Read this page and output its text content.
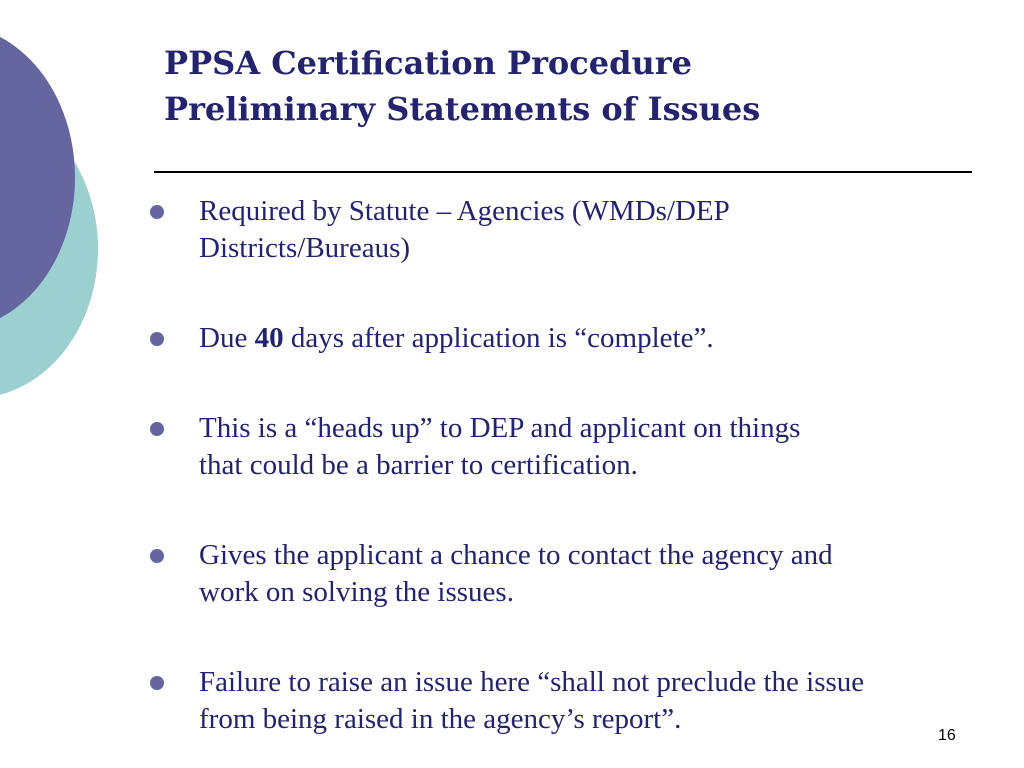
PPSA Certification Procedure
Preliminary Statements of Issues
Required by Statute – Agencies (WMDs/DEP
Districts/Bureaus)
Due 40 days after application is “complete”.
This is a “heads up” to DEP and applicant on things
that could be a barrier to certification.
Gives the applicant a chance to contact the agency and
work on solving the issues.
Failure to raise an issue here “shall not preclude the issue
from being raised in the agency’s report”.
16
